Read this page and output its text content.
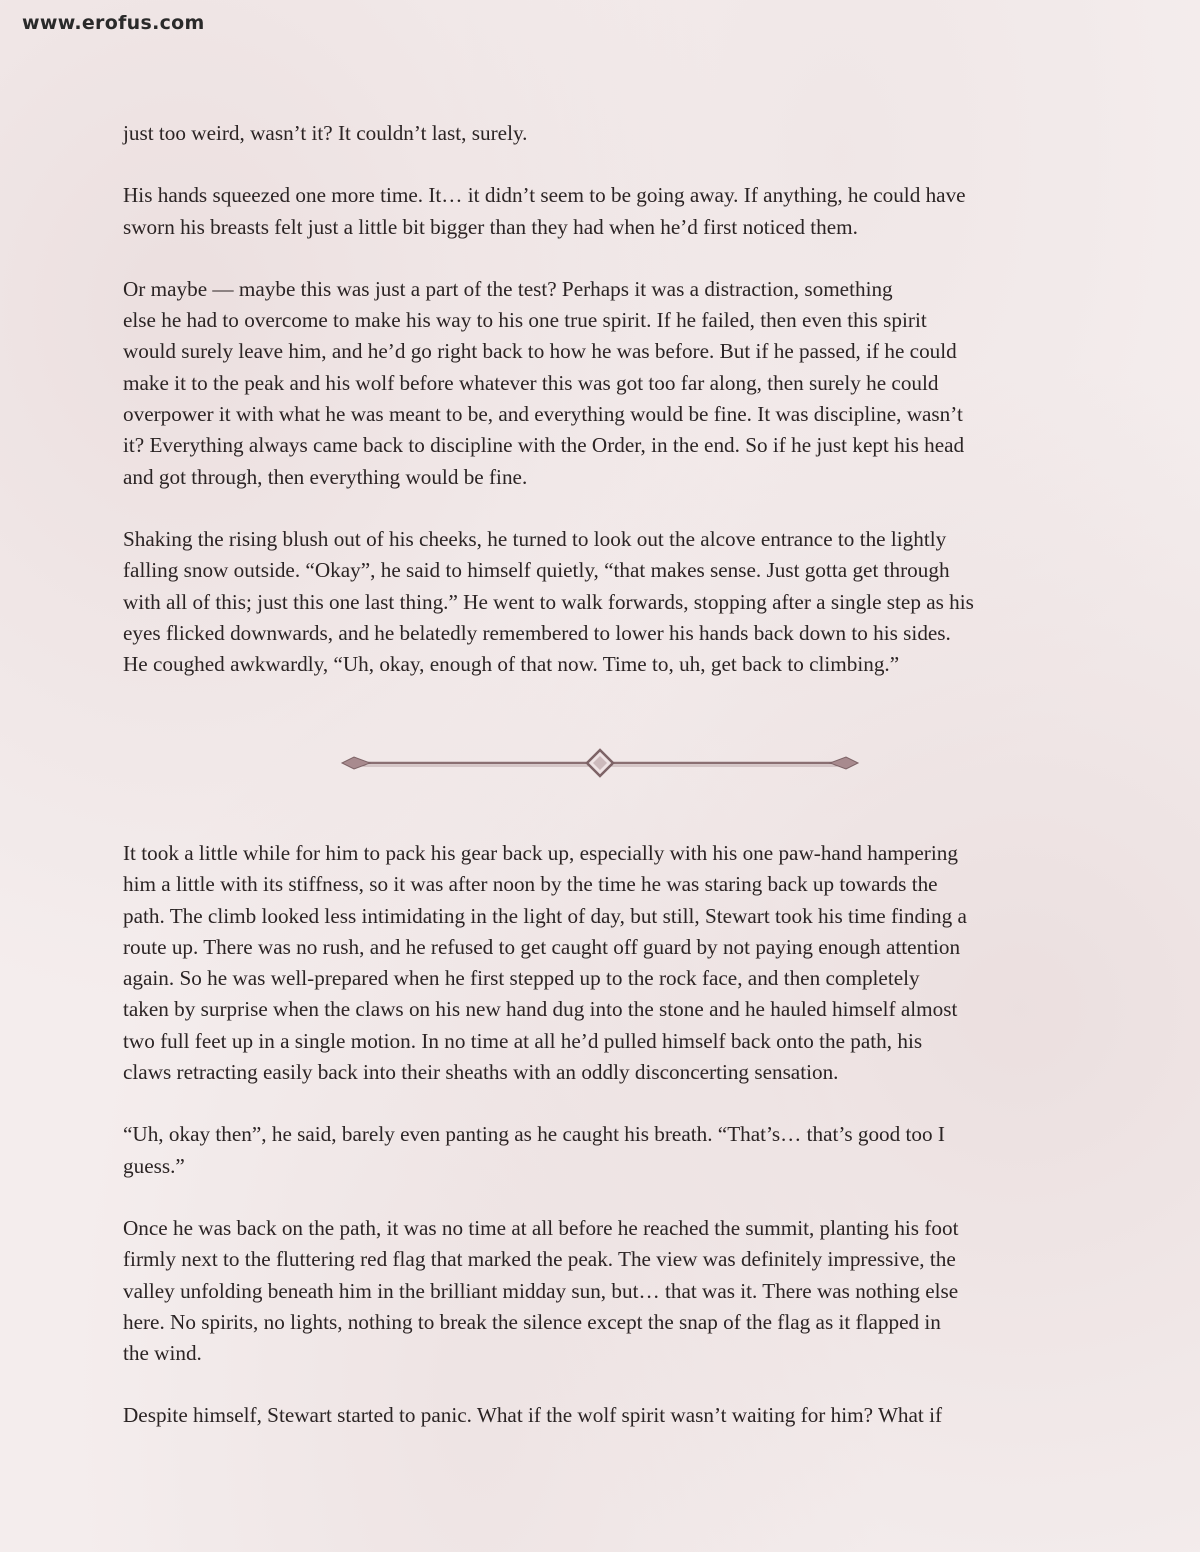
www.erofus.com
just too weird, wasn’t it? It couldn’t last, surely.
His hands squeezed one more time. It… it didn’t seem to be going away. If anything, he could have
sworn his breasts felt just a little bit bigger than they had when he’d first noticed them.
Or maybe — maybe this was just a part of the test? Perhaps it was a distraction, something
else he had to overcome to make his way to his one true spirit. If he failed, then even this spirit
would surely leave him, and he’d go right back to how he was before. But if he passed, if he could
make it to the peak and his wolf before whatever this was got too far along, then surely he could
overpower it with what he was meant to be, and everything would be fine. It was discipline, wasn’t
it? Everything always came back to discipline with the Order, in the end. So if he just kept his head
and got through, then everything would be fine.
Shaking the rising blush out of his cheeks, he turned to look out the alcove entrance to the lightly
falling snow outside. “Okay”, he said to himself quietly, “that makes sense. Just gotta get through
with all of this; just this one last thing.” He went to walk forwards, stopping after a single step as his
eyes flicked downwards, and he belatedly remembered to lower his hands back down to his sides.
He coughed awkwardly, “Uh, okay, enough of that now. Time to, uh, get back to climbing.”
It took a little while for him to pack his gear back up, especially with his one paw-hand hampering
him a little with its stiffness, so it was after noon by the time he was staring back up towards the
path. The climb looked less intimidating in the light of day, but still, Stewart took his time finding a
route up. There was no rush, and he refused to get caught off guard by not paying enough attention
again. So he was well-prepared when he first stepped up to the rock face, and then completely
taken by surprise when the claws on his new hand dug into the stone and he hauled himself almost
two full feet up in a single motion. In no time at all he’d pulled himself back onto the path, his
claws retracting easily back into their sheaths with an oddly disconcerting sensation.
“Uh, okay then”, he said, barely even panting as he caught his breath. “That’s… that’s good too I
guess.”
Once he was back on the path, it was no time at all before he reached the summit, planting his foot
firmly next to the fluttering red flag that marked the peak. The view was definitely impressive, the
valley unfolding beneath him in the brilliant midday sun, but… that was it. There was nothing else
here. No spirits, no lights, nothing to break the silence except the snap of the flag as it flapped in
the wind.
Despite himself, Stewart started to panic. What if the wolf spirit wasn’t waiting for him? What if
